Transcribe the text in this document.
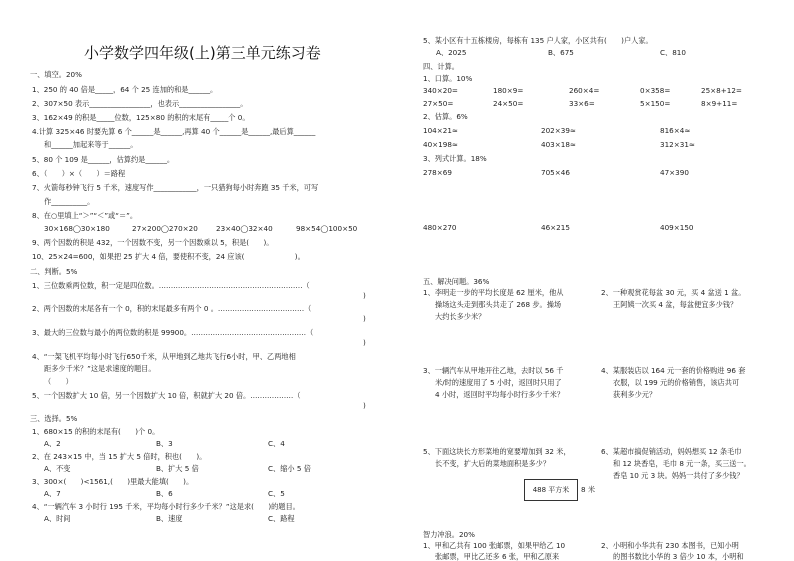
小学数学四年级(上)第三单元练习卷
一、填空。20%
1、250 的 40 倍是_____，64 个 25 连加的和是______。
2、307×50 表示_________________，也表示_________________。
3、162×49 的积是_____位数，125×80 的积的末尾有_____个 0。
4.计算 325×46 时要先算 6 个______是______,再算 40 个______是______,最后算______
和______加起来等于______。
5、80 个 109 是______，估算约是______。
6、（　　）×（　　）＝路程
7、火箭每秒钟飞行 5 千米，速度写作____________，一只猎狗每小时奔跑 35 千米，可写
作__________。
8、在○里填上“＞”“＜”或“＝”。
30×168◯30×180	27×200◯270×20	23×40◯32×40	98×54◯100×50
9、两个因数的积是 432，一个因数不变，另一个因数乘以 5，积是(　　)。
10、25×24=600，如果把 25 扩大 4 倍，要使积不变，24 应该(　　　　　　　)。
二、判断。5%
1、三位数乘两位数，积一定是四位数。……………………………………………………（
)
2、两个因数的末尾各有一个 0，积的末尾最多有两个 0 。………………………………（
)
3、最大的三位数与最小的两位数的积是 99900。…………………………………………（
)
4、“一架飞机平均每小时飞行650千米，从甲地到乙地共飞行6小时，甲、乙两地相
距多少千米？”这是求速度的题目。
（　　）
5、一个因数扩大 10 倍，另一个因数扩大 10 倍，积就扩大 20 倍。………………（
)
三、选择。5%
1、680×15 的积的末尾有(　　)个 0。
A、2	B、3	C、4
2、在 243×15 中，当 15 扩大 5 倍时，积也(　　)。
A、不变	B、扩大 5 倍	C、缩小 5 倍
3、300×(　　)<1561,(　　)里最大能填(　　)。
A、7	B、6	C、5
4、“一辆汽车 3 小时行 195 千米，平均每小时行多少千米？”这是求(　　)的题目。
A、时间	B、速度	C、路程
5、某小区有十五栋楼房，每栋有 135 户人家，小区共有(　　)户人家。
A、2025	B、675	C、810
四、计算。
1、口算。10%
340×20=	180×9=	260×4=	0×358=	25×8+12=
27×50=	24×50=	33×6=	5×150=	8×9+11=
2、估算。6%
104×21≈	202×39≈	816×4≈
40×198≈	403×18≈	312×31≈
3、列式计算。18%
278×69	705×46	47×390
480×270	46×215	409×150
五、解决问题。36%
1、李明走一步的平均长度是 62 厘米，他从
操场这头走到那头共走了 268 步。操场
大约长多少米？
2、一种观赏花每盆 30 元，买 4 盆送 1 盆。
王阿姨一次买 4 盆，每盆便宜多少钱？
3、一辆汽车从甲地开往乙地，去时以 56 千
米/时的速度用了 5 小时，返回时只用了
4 小时，返回时平均每小时行多少千米？
4、某服装店以 164 元一套的价格购进 96 套
衣服，以 199 元的价格销售，该店共可
获利多少元？
5、下面这块长方形菜地的宽要增加到 32 米，
长不变，扩大后的菜地面积是多少？
488 平方米	8 米
6、某超市搞促销活动，妈妈想买 12 条毛巾
和 12 块香皂，毛巾 8 元一条，买三送一。
香皂 10 元 3 块。妈妈一共付了多少钱？
智力冲浪。20%
1、甲和乙共有 100 张邮票，如果甲给乙 10
张邮票，甲比乙还多 6 张，甲和乙原来
2、小明和小华共有 230 本图书，已知小明
的图书数比小华的 3 倍少 10 本，小明和
